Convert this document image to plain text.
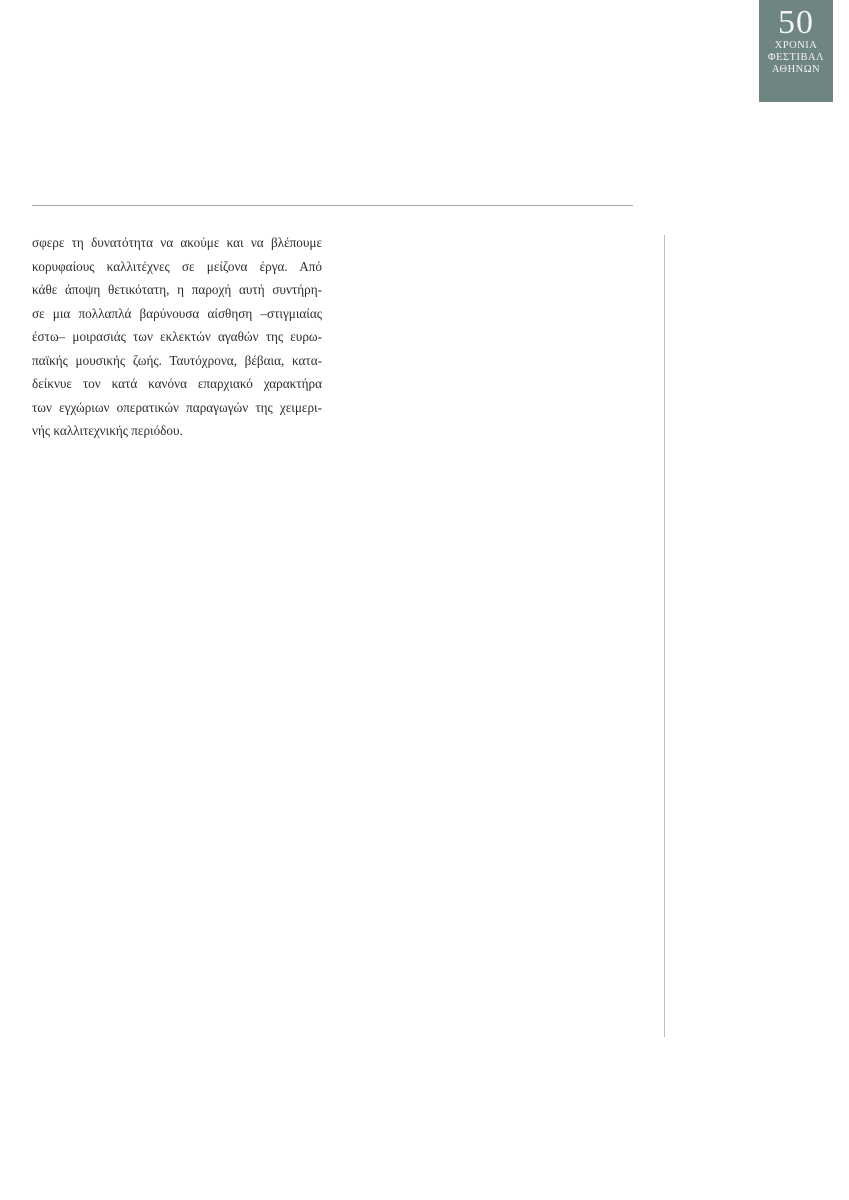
50
ΧΡΟΝΙΑ
ΦΕΣΤΙΒΑΛ
ΑΘΗΝΩΝ
σφερε τη δυνατότητα να ακούμε και να βλέπουμε
κορυφαίους καλλιτέχνες σε μείζονα έργα. Από
κάθε άποψη θετικότατη, η παροχή αυτή συντήρη-
σε μια πολλαπλά βαρύνουσα αίσθηση –στιγμιαίας
έστω– μοιρασιάς των εκλεκτών αγαθών της ευρω-
παϊκής μουσικής ζωής. Ταυτόχρονα, βέβαια, κατα-
δείκνυε τον κατά κανόνα επαρχιακό χαρακτήρα
των εγχώριων οπερατικών παραγωγών της χειμερι-
νής καλλιτεχνικής περιόδου.
